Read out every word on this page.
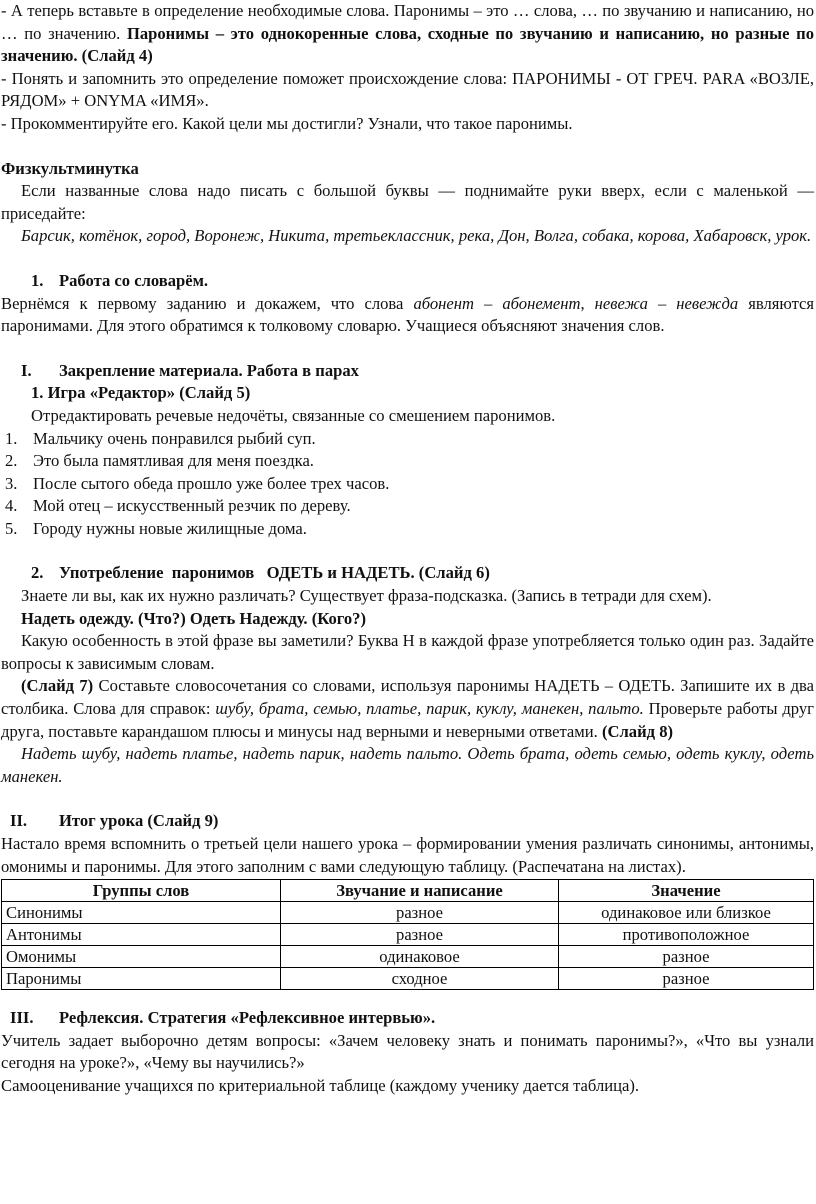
- А теперь вставьте в определение необходимые слова. Паронимы – это … слова, … по звучанию и написанию, но … по значению. Паронимы – это однокоренные слова, сходные по звучанию и написанию, но разные по значению. (Слайд 4)

- Понять и запомнить это определение поможет происхождение слова: ПАРОНИМЫ - ОТ ГРЕЧ. PARA «ВОЗЛЕ, РЯДОМ» + ONYMA «ИМЯ».

- Прокомментируйте его. Какой цели мы достигли? Узнали, что такое паронимы.

Физкультминутка

Если названные слова надо писать с большой буквы — поднимайте руки вверх, если с маленькой — приседайте:

Барсик, котёнок, город, Воронеж, Никита, третьеклассник, река, Дон, Волга, собака, корова, Хабаровск, урок.

1. Работа со словарём.

Вернёмся к первому заданию и докажем, что слова абонент – абонемент, невежа – невежда являются паронимами. Для этого обратимся к толковому словарю. Учащиеся объясняют значения слов.

I.	Закрепление материала. Работа в парах

1. Игра «Редактор» (Слайд 5)

Отредактировать речевые недочёты, связанные со смешением паронимов.

1. Мальчику очень понравился рыбий суп.
2. Это была памятливая для меня поездка.
3. После сытого обеда прошло уже более трех часов.
4. Мой отец – искусственный резчик по дереву.
5. Городу нужны новые жилищные дома.

2. Употребление  паронимов   ОДЕТЬ и НАДЕТЬ. (Слайд 6)

Знаете ли вы, как их нужно различать? Существует фраза-подсказка. (Запись в тетради для схем).

Надеть одежду. (Что?) Одеть Надежду. (Кого?)

Какую особенность в этой фразе вы заметили? Буква Н в каждой фразе употребляется только один раз. Задайте вопросы к зависимым словам.

(Слайд 7) Составьте словосочетания со словами, используя паронимы НАДЕТЬ – ОДЕТЬ. Запишите их в два столбика. Слова для справок: шубу, брата, семью, платье, парик, куклу, манекен, пальто. Проверьте работы друг друга, поставьте карандашом плюсы и минусы над верными и неверными ответами. (Слайд 8)

Надеть шубу, надеть платье, надеть парик, надеть пальто. Одеть брата, одеть семью, одеть куклу, одеть манекен.

II.	Итог урока (Слайд 9)

Настало время вспомнить о третьей цели нашего урока – формировании умения различать синонимы, антонимы, омонимы и паронимы. Для этого заполним с вами следующую таблицу. (Распечатана на листах).

Группы слов	Звучание и написание	Значение
Синонимы	разное	одинаковое или близкое
Антонимы	разное	противоположное
Омонимы	одинаковое	разное
Паронимы	сходное	разное

III.	Рефлексия. Стратегия «Рефлексивное интервью».

Учитель задает выборочно детям вопросы: «Зачем человеку знать и понимать паронимы?», «Что вы узнали сегодня на уроке?», «Чему вы научились?»

Самооценивание учащихся по критериальной таблице (каждому ученику дается таблица).
